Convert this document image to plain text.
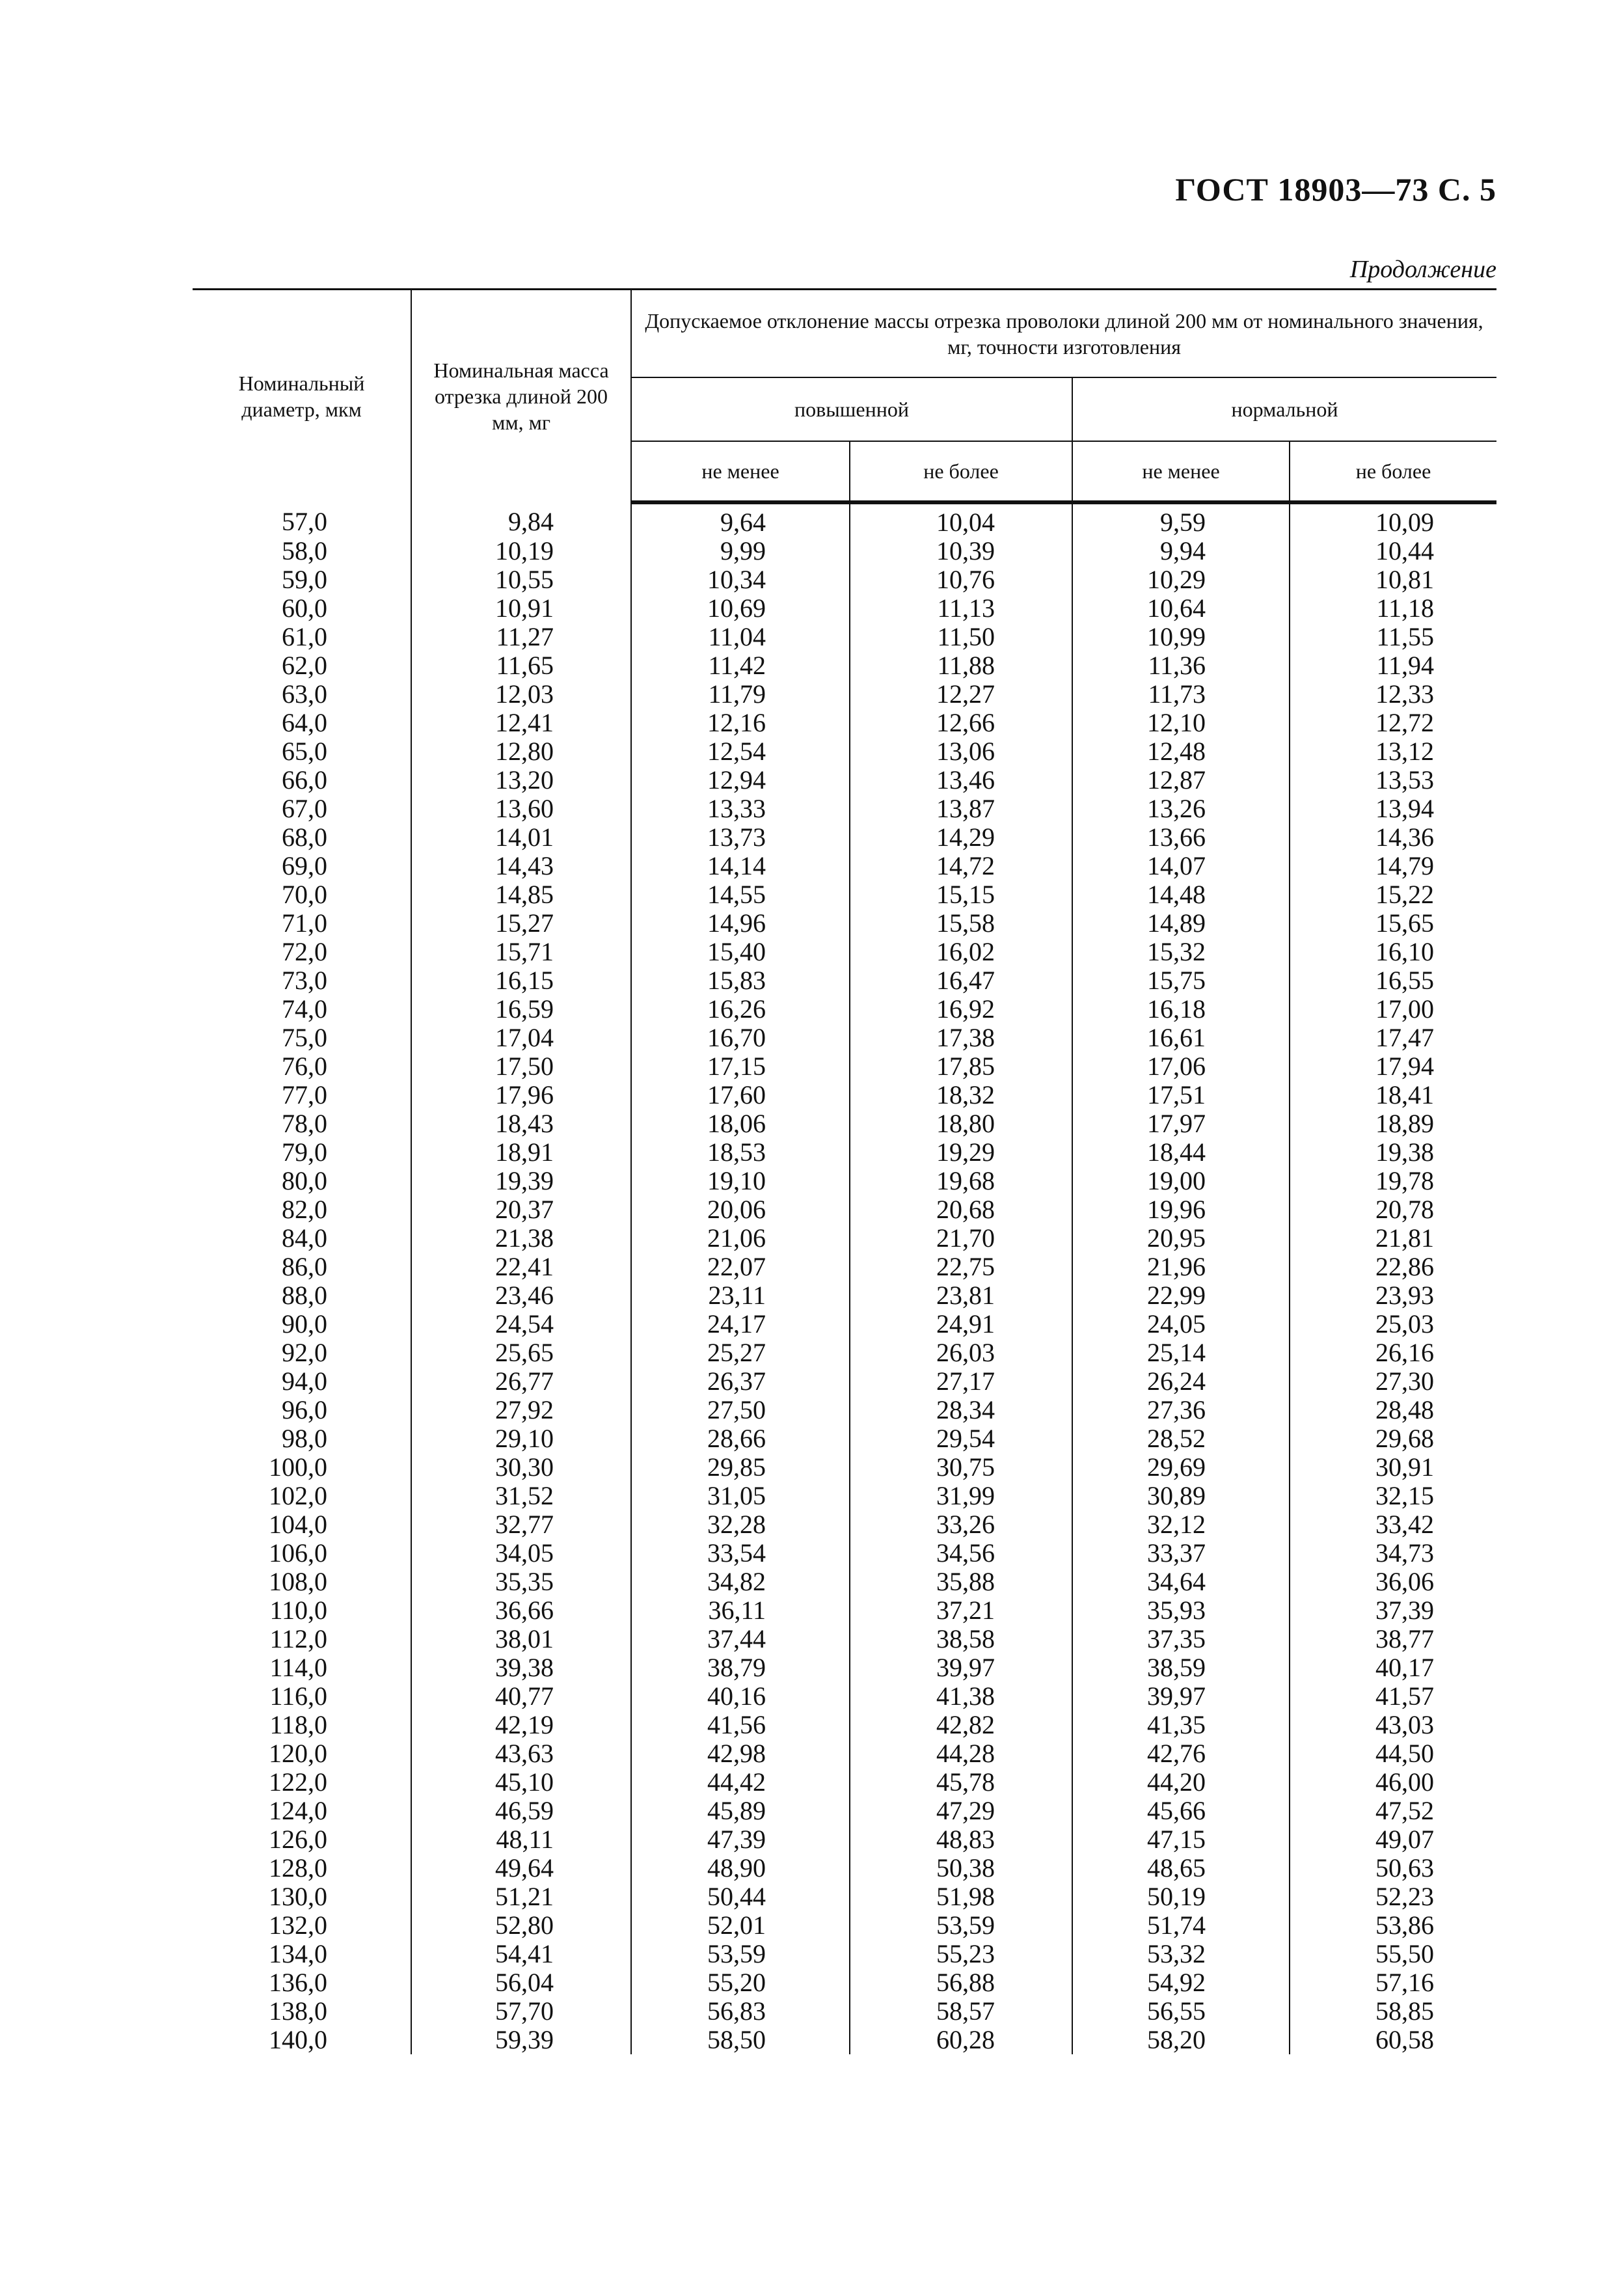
ГОСТ 18903—73 С. 5
Продолжение
Номинальный диаметр, мкм	Номинальная масса отрезка длиной 200 мм, мг	Допускаемое отклонение массы отрезка проволоки длиной 200 мм от номинального значения, мг, точности изготовления			
		повышенной		нормальной	
		не менее	не более	не менее	не более
57,0	9,84	9,64	10,04	9,59	10,09
58,0	10,19	9,99	10,39	9,94	10,44
59,0	10,55	10,34	10,76	10,29	10,81
60,0	10,91	10,69	11,13	10,64	11,18
61,0	11,27	11,04	11,50	10,99	11,55
62,0	11,65	11,42	11,88	11,36	11,94
63,0	12,03	11,79	12,27	11,73	12,33
64,0	12,41	12,16	12,66	12,10	12,72
65,0	12,80	12,54	13,06	12,48	13,12
66,0	13,20	12,94	13,46	12,87	13,53
67,0	13,60	13,33	13,87	13,26	13,94
68,0	14,01	13,73	14,29	13,66	14,36
69,0	14,43	14,14	14,72	14,07	14,79
70,0	14,85	14,55	15,15	14,48	15,22
71,0	15,27	14,96	15,58	14,89	15,65
72,0	15,71	15,40	16,02	15,32	16,10
73,0	16,15	15,83	16,47	15,75	16,55
74,0	16,59	16,26	16,92	16,18	17,00
75,0	17,04	16,70	17,38	16,61	17,47
76,0	17,50	17,15	17,85	17,06	17,94
77,0	17,96	17,60	18,32	17,51	18,41
78,0	18,43	18,06	18,80	17,97	18,89
79,0	18,91	18,53	19,29	18,44	19,38
80,0	19,39	19,10	19,68	19,00	19,78
82,0	20,37	20,06	20,68	19,96	20,78
84,0	21,38	21,06	21,70	20,95	21,81
86,0	22,41	22,07	22,75	21,96	22,86
88,0	23,46	23,11	23,81	22,99	23,93
90,0	24,54	24,17	24,91	24,05	25,03
92,0	25,65	25,27	26,03	25,14	26,16
94,0	26,77	26,37	27,17	26,24	27,30
96,0	27,92	27,50	28,34	27,36	28,48
98,0	29,10	28,66	29,54	28,52	29,68
100,0	30,30	29,85	30,75	29,69	30,91
102,0	31,52	31,05	31,99	30,89	32,15
104,0	32,77	32,28	33,26	32,12	33,42
106,0	34,05	33,54	34,56	33,37	34,73
108,0	35,35	34,82	35,88	34,64	36,06
110,0	36,66	36,11	37,21	35,93	37,39
112,0	38,01	37,44	38,58	37,35	38,77
114,0	39,38	38,79	39,97	38,59	40,17
116,0	40,77	40,16	41,38	39,97	41,57
118,0	42,19	41,56	42,82	41,35	43,03
120,0	43,63	42,98	44,28	42,76	44,50
122,0	45,10	44,42	45,78	44,20	46,00
124,0	46,59	45,89	47,29	45,66	47,52
126,0	48,11	47,39	48,83	47,15	49,07
128,0	49,64	48,90	50,38	48,65	50,63
130,0	51,21	50,44	51,98	50,19	52,23
132,0	52,80	52,01	53,59	51,74	53,86
134,0	54,41	53,59	55,23	53,32	55,50
136,0	56,04	55,20	56,88	54,92	57,16
138,0	57,70	56,83	58,57	56,55	58,85
140,0	59,39	58,50	60,28	58,20	60,58
